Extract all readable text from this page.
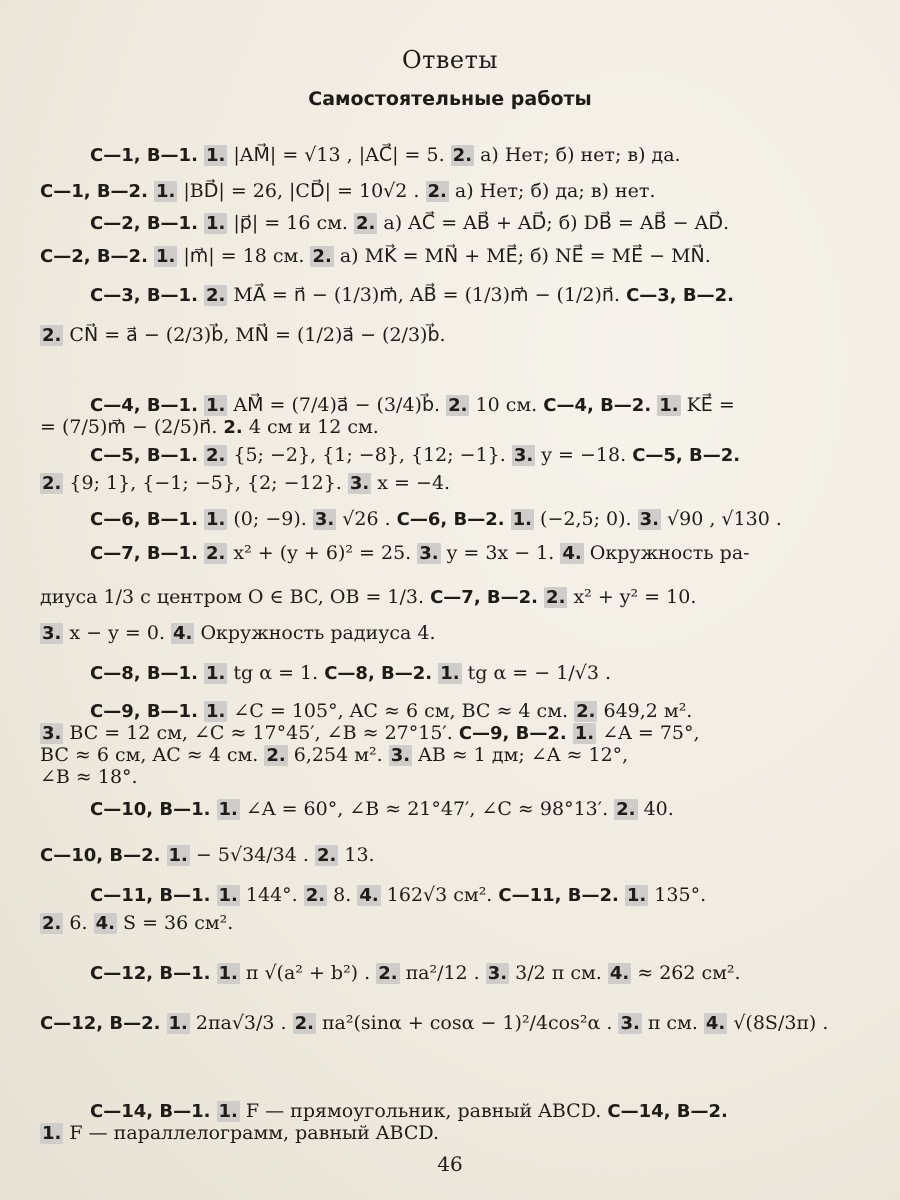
Ответы
Самостоятельные работы
С—1, В—1. 1. |AM⃗| = √13 , |AC⃗| = 5. 2. а) Нет; б) нет; в) да.
С—1, В—2. 1. |BD⃗| = 26, |CD⃗| = 10√2 . 2. а) Нет; б) да; в) нет.
С—2, В—1. 1. |p⃗| = 16 см. 2. а) AC⃗ = AB⃗ + AD⃗; б) DB⃗ = AB⃗ − AD⃗.
С—2, В—2. 1. |m⃗| = 18 см. 2. а) MK⃗ = MN⃗ + ME⃗; б) NE⃗ = ME⃗ − MN⃗.
С—3, В—1. 2. MA⃗ = n⃗ − (1/3)m⃗, AB⃗ = (1/3)m⃗ − (1/2)n⃗. С—3, В—2.
2. CN⃗ = a⃗ − (2/3)b⃗, MN⃗ = (1/2)a⃗ − (2/3)b⃗.
С—4, В—1. 1. AM⃗ = (7/4)a⃗ − (3/4)b⃗. 2. 10 см. С—4, В—2. 1. KE⃗ =
= (7/5)m⃗ − (2/5)n⃗. 2. 4 см и 12 см.
С—5, В—1. 2. {5; −2}, {1; −8}, {12; −1}. 3. y = −18. С—5, В—2.
2. {9; 1}, {−1; −5}, {2; −12}. 3. x = −4.
С—6, В—1. 1. (0; −9). 3. √26 . С—6, В—2. 1. (−2,5; 0). 3. √90 , √130 .
С—7, В—1. 2. x² + (y + 6)² = 25. 3. y = 3x − 1. 4. Окружность ра-
диуса 1/3 с центром O ∈ BC, OB = 1/3. С—7, В—2. 2. x² + y² = 10.
3. x − y = 0. 4. Окружность радиуса 4.
С—8, В—1. 1. tg α = 1. С—8, В—2. 1. tg α = − 1/√3 .
С—9, В—1. 1. ∠C = 105°, AC ≈ 6 см, BC ≈ 4 см. 2. 649,2 м².
3. BC = 12 см, ∠C ≈ 17°45′, ∠B ≈ 27°15′. С—9, В—2. 1. ∠A = 75°,
BC ≈ 6 см, AC ≈ 4 см. 2. 6,254 м². 3. AB ≈ 1 дм; ∠A ≈ 12°,
∠B ≈ 18°.
С—10, В—1. 1. ∠A = 60°, ∠B ≈ 21°47′, ∠C ≈ 98°13′. 2. 40.
С—10, В—2. 1. − 5√34/34 . 2. 13.
С—11, В—1. 1. 144°. 2. 8. 4. 162√3 см². С—11, В—2. 1. 135°.
2. 6. 4. S = 36 см².
С—12, В—1. 1. π √(a² + b²) . 2. πa²/12 . 3. 3/2 π см. 4. ≈ 262 см².
С—12, В—2. 1. 2πa√3/3 . 2. πa²(sinα + cosα − 1)²/4cos²α . 3. π см. 4. √(8S/3π) .
С—14, В—1. 1. F — прямоугольник, равный ABCD. С—14, В—2.
1. F — параллелограмм, равный ABCD.
46
